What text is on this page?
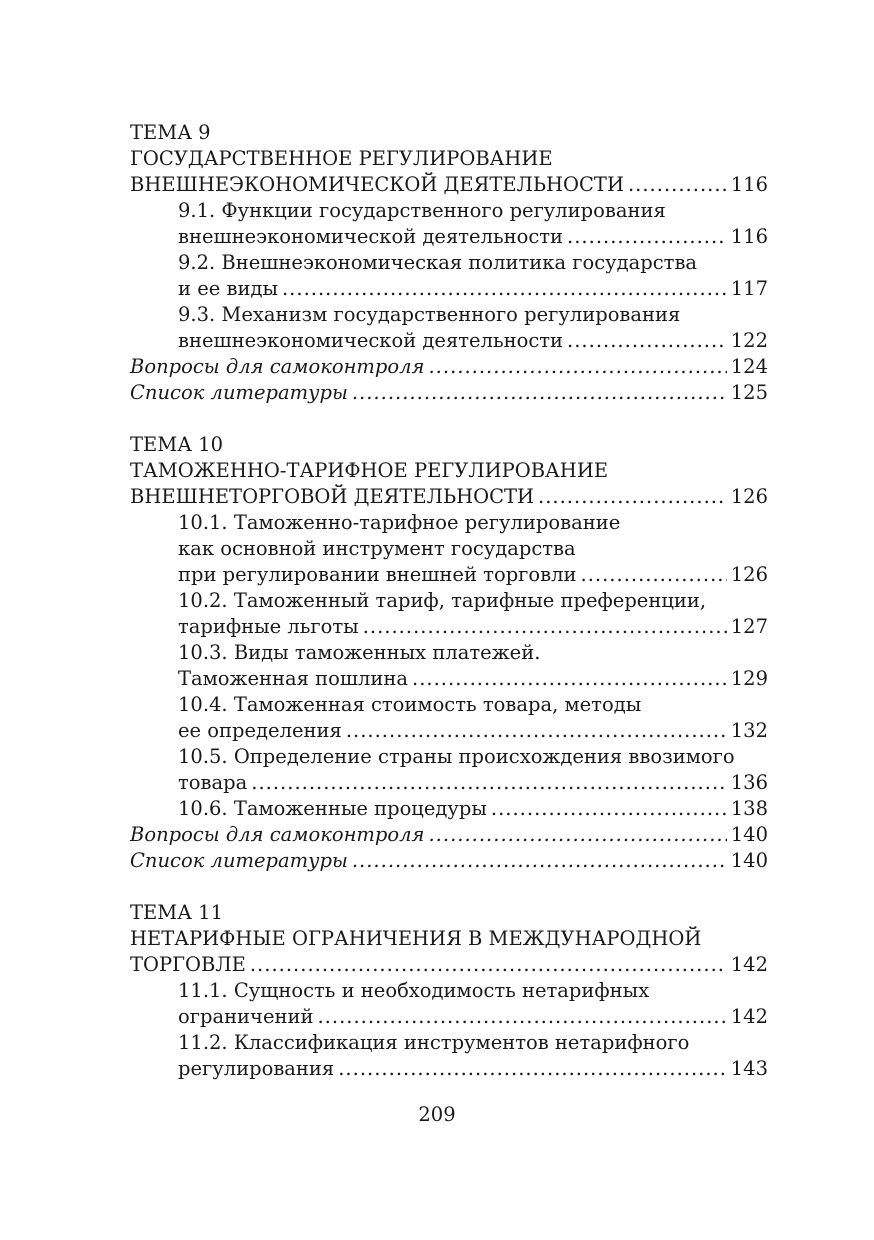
ТЕМА 9
ГОСУДАРСТВЕННОЕ РЕГУЛИРОВАНИЕ
ВНЕШНЕЭКОНОМИЧЕСКОЙ ДЕЯТЕЛЬНОСТИ .....	116
9.1. Функции государственного регулирования
внешнеэкономической деятельности .....	116
9.2. Внешнеэкономическая политика государства
и ее виды .....	117
9.3. Механизм государственного регулирования
внешнеэкономической деятельности .....	122
Вопросы для самоконтроля .....	124
Список литературы .....	125
ТЕМА 10
ТАМОЖЕННО-ТАРИФНОЕ РЕГУЛИРОВАНИЕ
ВНЕШНЕТОРГОВОЙ ДЕЯТЕЛЬНОСТИ .....	126
10.1. Таможенно-тарифное регулирование
как основной инструмент государства
при регулировании внешней торговли .....	126
10.2. Таможенный тариф, тарифные преференции,
тарифные льготы .....	127
10.3. Виды таможенных платежей.
Таможенная пошлина .....	129
10.4. Таможенная стоимость товара, методы
ее определения .....	132
10.5. Определение страны происхождения ввозимого
товара .....	136
10.6. Таможенные процедуры .....	138
Вопросы для самоконтроля .....	140
Список литературы .....	140
ТЕМА 11
НЕТАРИФНЫЕ ОГРАНИЧЕНИЯ В МЕЖДУНАРОДНОЙ
ТОРГОВЛЕ .....	142
11.1. Сущность и необходимость нетарифных
ограничений .....	142
11.2. Классификация инструментов нетарифного
регулирования .....	143
209
